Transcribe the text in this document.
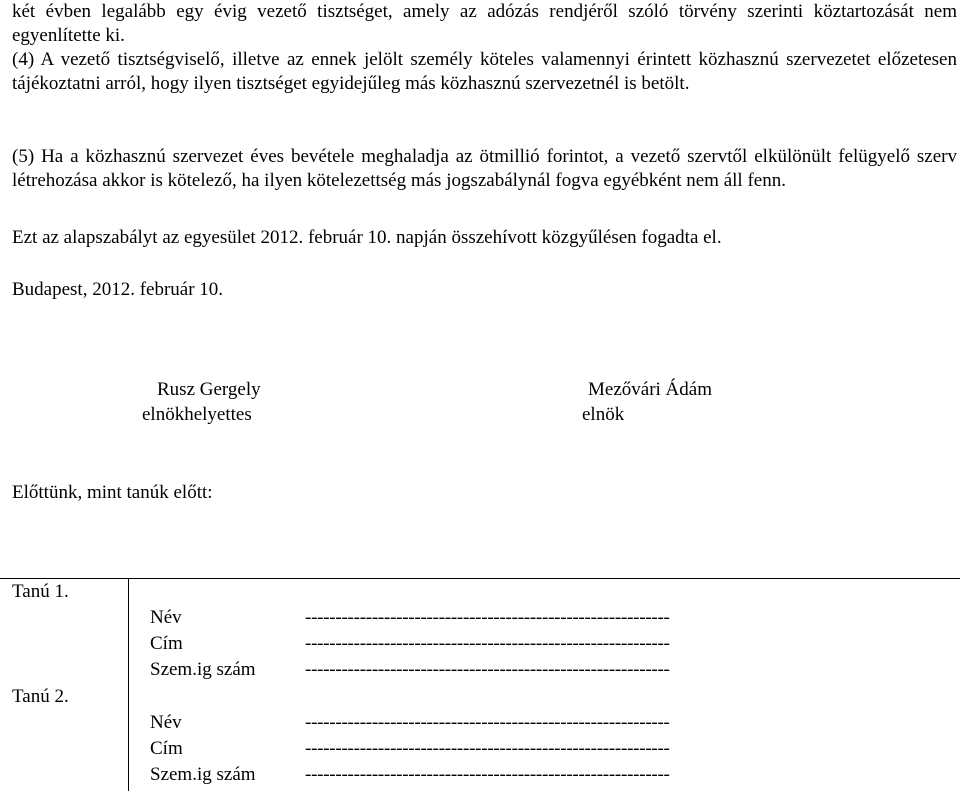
két évben legalább egy évig vezető tisztséget, amely az adózás rendjéről szóló törvény szerinti köztartozását nem egyenlítette ki.

(4) A vezető tisztségviselő, illetve az ennek jelölt személy köteles valamennyi érintett közhasznú szervezetet előzetesen tájékoztatni arról, hogy ilyen tisztséget egyidejűleg más közhasznú szervezetnél is betölt.

(5) Ha a közhasznú szervezet éves bevétele meghaladja az ötmillió forintot, a vezető szervtől elkülönült felügyelő szerv létrehozása akkor is kötelező, ha ilyen kötelezettség más jogszabálynál fogva egyébként nem áll fenn.

Ezt az alapszabályt az egyesület 2012. február 10. napján összehívott közgyűlésen fogadta el.

Budapest, 2012. február 10.

Rusz Gergely
elnökhelyettes
Mezővári Ádám
elnök

Előttünk, mint tanúk előtt:

Tanú 1.
Név	------------------------------------------------------------
Cím	------------------------------------------------------------
Szem.ig szám	------------------------------------------------------------
Tanú 2.
Név	------------------------------------------------------------
Cím	------------------------------------------------------------
Szem.ig szám	------------------------------------------------------------
